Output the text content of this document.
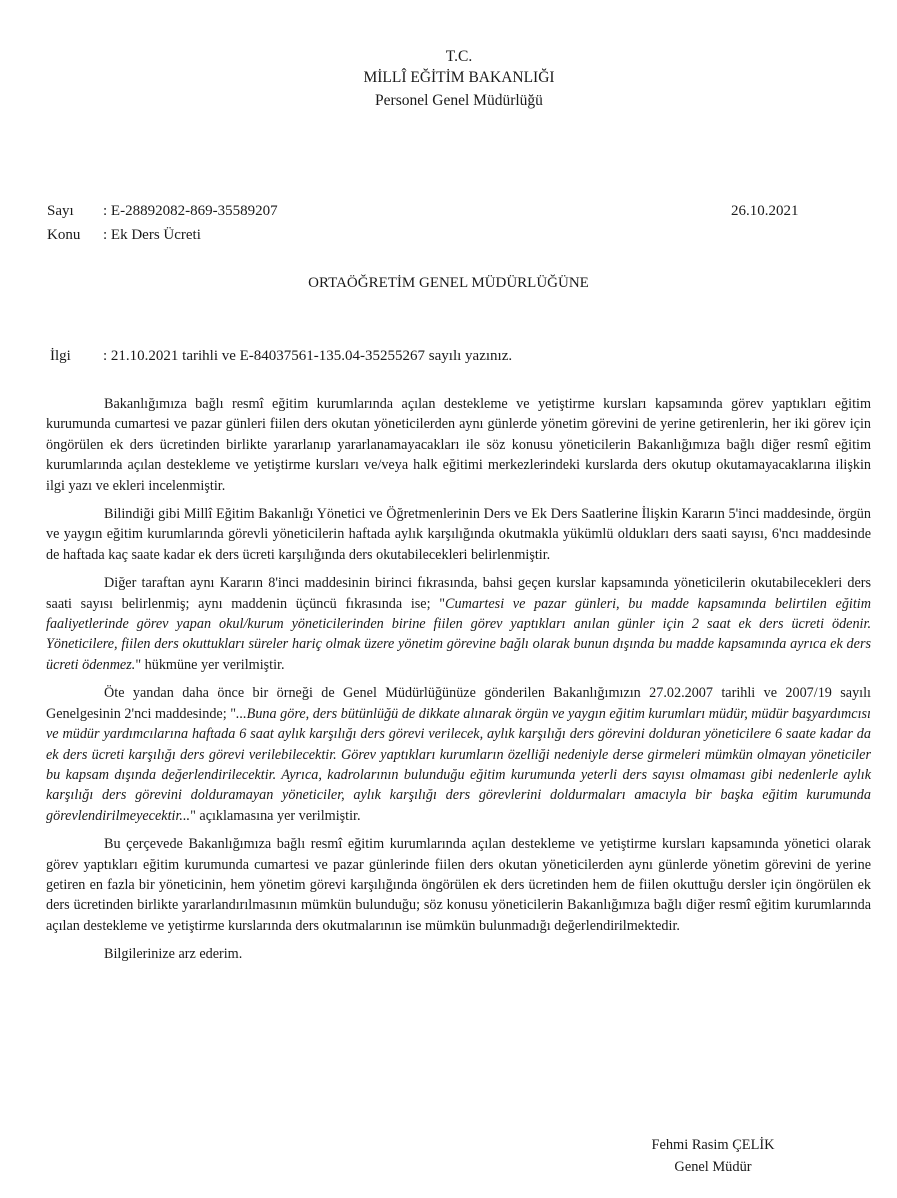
T.C.
MİLLÎ EĞİTİM BAKANLIĞI
Personel Genel Müdürlüğü
Sayı : E-28892082-869-35589207	26.10.2021
Konu : Ek Ders Ücreti
ORTAÖĞRETİM GENEL MÜDÜRLÜĞÜNE
İlgi : 21.10.2021 tarihli ve E-84037561-135.04-35255267 sayılı yazınız.

Bakanlığımıza bağlı resmî eğitim kurumlarında açılan destekleme ve yetiştirme kursları kapsamında görev yaptıkları eğitim kurumunda cumartesi ve pazar günleri fiilen ders okutan yöneticilerden aynı günlerde yönetim görevini de yerine getirenlerin, her iki görev için öngörülen ek ders ücretinden birlikte yararlanıp yararlanamayacakları ile söz konusu yöneticilerin Bakanlığımıza bağlı diğer resmî eğitim kurumlarında açılan destekleme ve yetiştirme kursları ve/veya halk eğitimi merkezlerindeki kurslarda ders okutup okutamayacaklarına ilişkin ilgi yazı ve ekleri incelenmiştir.

Bilindiği gibi Millî Eğitim Bakanlığı Yönetici ve Öğretmenlerinin Ders ve Ek Ders Saatlerine İlişkin Kararın 5'inci maddesinde, örgün ve yaygın eğitim kurumlarında görevli yöneticilerin haftada aylık karşılığında okutmakla yükümlü oldukları ders saati sayısı, 6'ncı maddesinde de haftada kaç saate kadar ek ders ücreti karşılığında ders okutabilecekleri belirlenmiştir.

Diğer taraftan aynı Kararın 8'inci maddesinin birinci fıkrasında, bahsi geçen kurslar kapsamında yöneticilerin okutabilecekleri ders saati sayısı belirlenmiş; aynı maddenin üçüncü fıkrasında ise; "Cumartesi ve pazar günleri, bu madde kapsamında belirtilen eğitim faaliyetlerinde görev yapan okul/kurum yöneticilerinden birine fiilen görev yaptıkları anılan günler için 2 saat ek ders ücreti ödenir. Yöneticilere, fiilen ders okuttukları süreler hariç olmak üzere yönetim görevine bağlı olarak bunun dışında bu madde kapsamında ayrıca ek ders ücreti ödenmez." hükmüne yer verilmiştir.

Öte yandan daha önce bir örneği de Genel Müdürlüğünüze gönderilen Bakanlığımızın 27.02.2007 tarihli ve 2007/19 sayılı Genelgesinin 2'nci maddesinde; "...Buna göre, ders bütünlüğü de dikkate alınarak örgün ve yaygın eğitim kurumları müdür, müdür başyardımcısı ve müdür yardımcılarına haftada 6 saat aylık karşılığı ders görevi verilecek, aylık karşılığı ders görevini dolduran yöneticilere 6 saate kadar da ek ders ücreti karşılığı ders görevi verilebilecektir. Görev yaptıkları kurumların özelliği nedeniyle derse girmeleri mümkün olmayan yöneticiler bu kapsam dışında değerlendirilecektir. Ayrıca, kadrolarının bulunduğu eğitim kurumunda yeterli ders sayısı olmaması gibi nedenlerle aylık karşılığı ders görevini dolduramayan yöneticiler, aylık karşılığı ders görevlerini doldurmaları amacıyla bir başka eğitim kurumunda görevlendirilmeyecektir..." açıklamasına yer verilmiştir.

Bu çerçevede Bakanlığımıza bağlı resmî eğitim kurumlarında açılan destekleme ve yetiştirme kursları kapsamında yönetici olarak görev yaptıkları eğitim kurumunda cumartesi ve pazar günlerinde fiilen ders okutan yöneticilerden aynı günlerde yönetim görevini de yerine getiren en fazla bir yöneticinin, hem yönetim görevi karşılığında öngörülen ek ders ücretinden hem de fiilen okuttuğu dersler için öngörülen ek ders ücretinden birlikte yararlandırılmasının mümkün bulunduğu; söz konusu yöneticilerin Bakanlığımıza bağlı diğer resmî eğitim kurumlarında açılan destekleme ve yetiştirme kurslarında ders okutmalarının ise mümkün bulunmadığı değerlendirilmektedir.

Bilgilerinize arz ederim.

Fehmi Rasim ÇELİK
Genel Müdür
